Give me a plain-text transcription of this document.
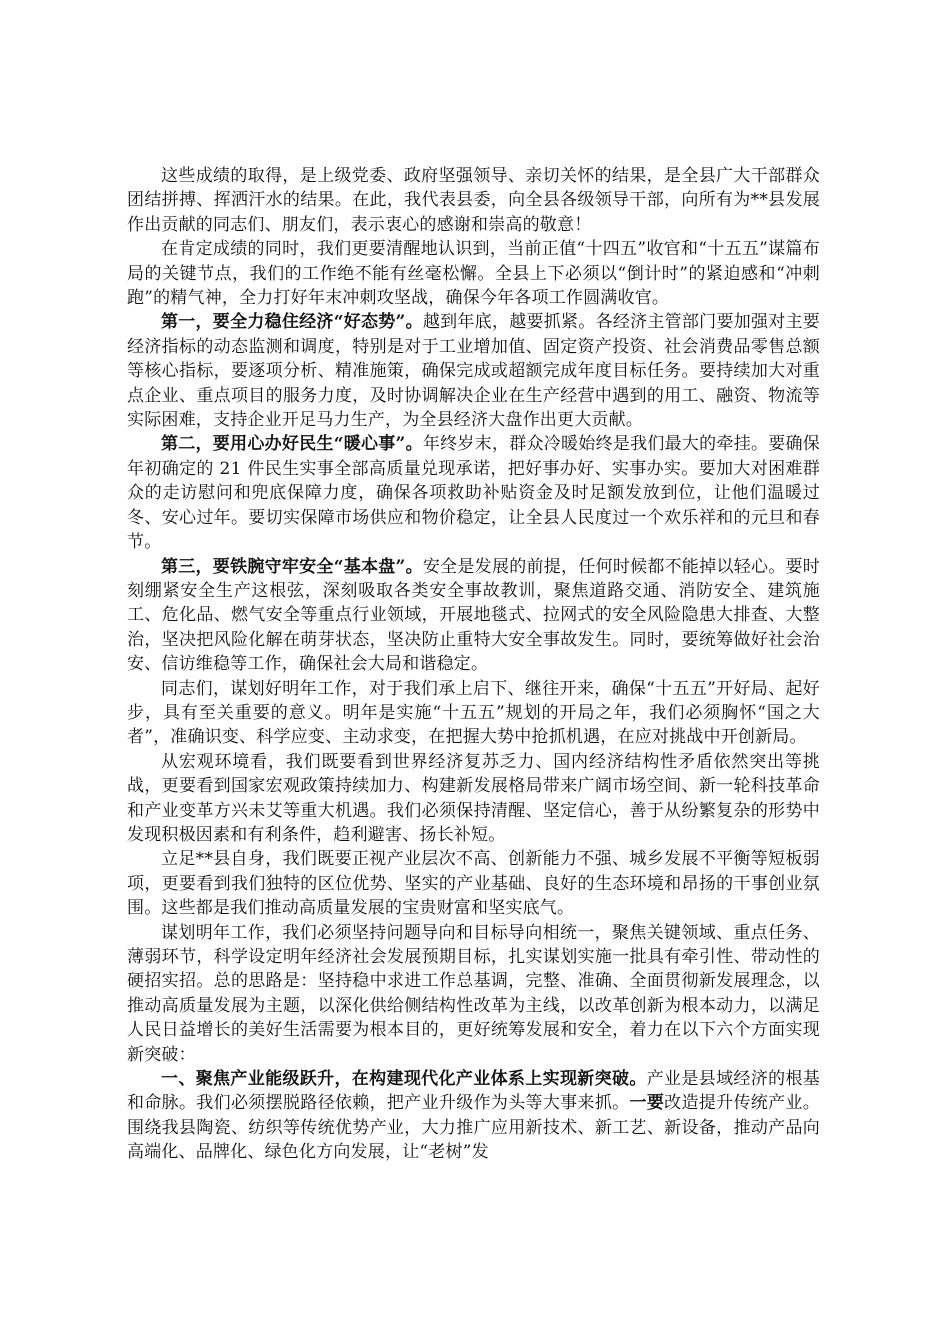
这些成绩的取得，是上级党委、政府坚强领导、亲切关怀的结果，是全县广大干部群众团结拼搏、挥洒汗水的结果。在此，我代表县委，向全县各级领导干部，向所有为**县发展作出贡献的同志们、朋友们，表示衷心的感谢和崇高的敬意！

在肯定成绩的同时，我们更要清醒地认识到，当前正值“十四五”收官和“十五五”谋篇布局的关键节点，我们的工作绝不能有丝毫松懈。全县上下必须以“倒计时”的紧迫感和“冲刺跑”的精气神，全力打好年末冲刺攻坚战，确保今年各项工作圆满收官。

第一，要全力稳住经济“好态势”。越到年底，越要抓紧。各经济主管部门要加强对主要经济指标的动态监测和调度，特别是对于工业增加值、固定资产投资、社会消费品零售总额等核心指标，要逐项分析、精准施策，确保完成或超额完成年度目标任务。要持续加大对重点企业、重点项目的服务力度，及时协调解决企业在生产经营中遇到的用工、融资、物流等实际困难，支持企业开足马力生产，为全县经济大盘作出更大贡献。

第二，要用心办好民生“暖心事”。年终岁末，群众冷暖始终是我们最大的牵挂。要确保年初确定的 21 件民生实事全部高质量兑现承诺，把好事办好、实事办实。要加大对困难群众的走访慰问和兜底保障力度，确保各项救助补贴资金及时足额发放到位，让他们温暖过冬、安心过年。要切实保障市场供应和物价稳定，让全县人民度过一个欢乐祥和的元旦和春节。

第三，要铁腕守牢安全“基本盘”。安全是发展的前提，任何时候都不能掉以轻心。要时刻绷紧安全生产这根弦，深刻吸取各类安全事故教训，聚焦道路交通、消防安全、建筑施工、危化品、燃气安全等重点行业领域，开展地毯式、拉网式的安全风险隐患大排查、大整治，坚决把风险化解在萌芽状态，坚决防止重特大安全事故发生。同时，要统筹做好社会治安、信访维稳等工作，确保社会大局和谐稳定。

同志们，谋划好明年工作，对于我们承上启下、继往开来，确保“十五五”开好局、起好步，具有至关重要的意义。明年是实施“十五五”规划的开局之年，我们必须胸怀“国之大者”，准确识变、科学应变、主动求变，在把握大势中抢抓机遇，在应对挑战中开创新局。

从宏观环境看，我们既要看到世界经济复苏乏力、国内经济结构性矛盾依然突出等挑战，更要看到国家宏观政策持续加力、构建新发展格局带来广阔市场空间、新一轮科技革命和产业变革方兴未艾等重大机遇。我们必须保持清醒、坚定信心，善于从纷繁复杂的形势中发现积极因素和有利条件，趋利避害、扬长补短。

立足**县自身，我们既要正视产业层次不高、创新能力不强、城乡发展不平衡等短板弱项，更要看到我们独特的区位优势、坚实的产业基础、良好的生态环境和昂扬的干事创业氛围。这些都是我们推动高质量发展的宝贵财富和坚实底气。

谋划明年工作，我们必须坚持问题导向和目标导向相统一，聚焦关键领域、重点任务、薄弱环节，科学设定明年经济社会发展预期目标，扎实谋划实施一批具有牵引性、带动性的硬招实招。总的思路是：坚持稳中求进工作总基调，完整、准确、全面贯彻新发展理念，以推动高质量发展为主题，以深化供给侧结构性改革为主线，以改革创新为根本动力，以满足人民日益增长的美好生活需要为根本目的，更好统筹发展和安全，着力在以下六个方面实现新突破：

一、聚焦产业能级跃升，在构建现代化产业体系上实现新突破。产业是县域经济的根基和命脉。我们必须摆脱路径依赖，把产业升级作为头等大事来抓。一要改造提升传统产业。围绕我县陶瓷、纺织等传统优势产业，大力推广应用新技术、新工艺、新设备，推动产品向高端化、品牌化、绿色化方向发展，让“老树”发
